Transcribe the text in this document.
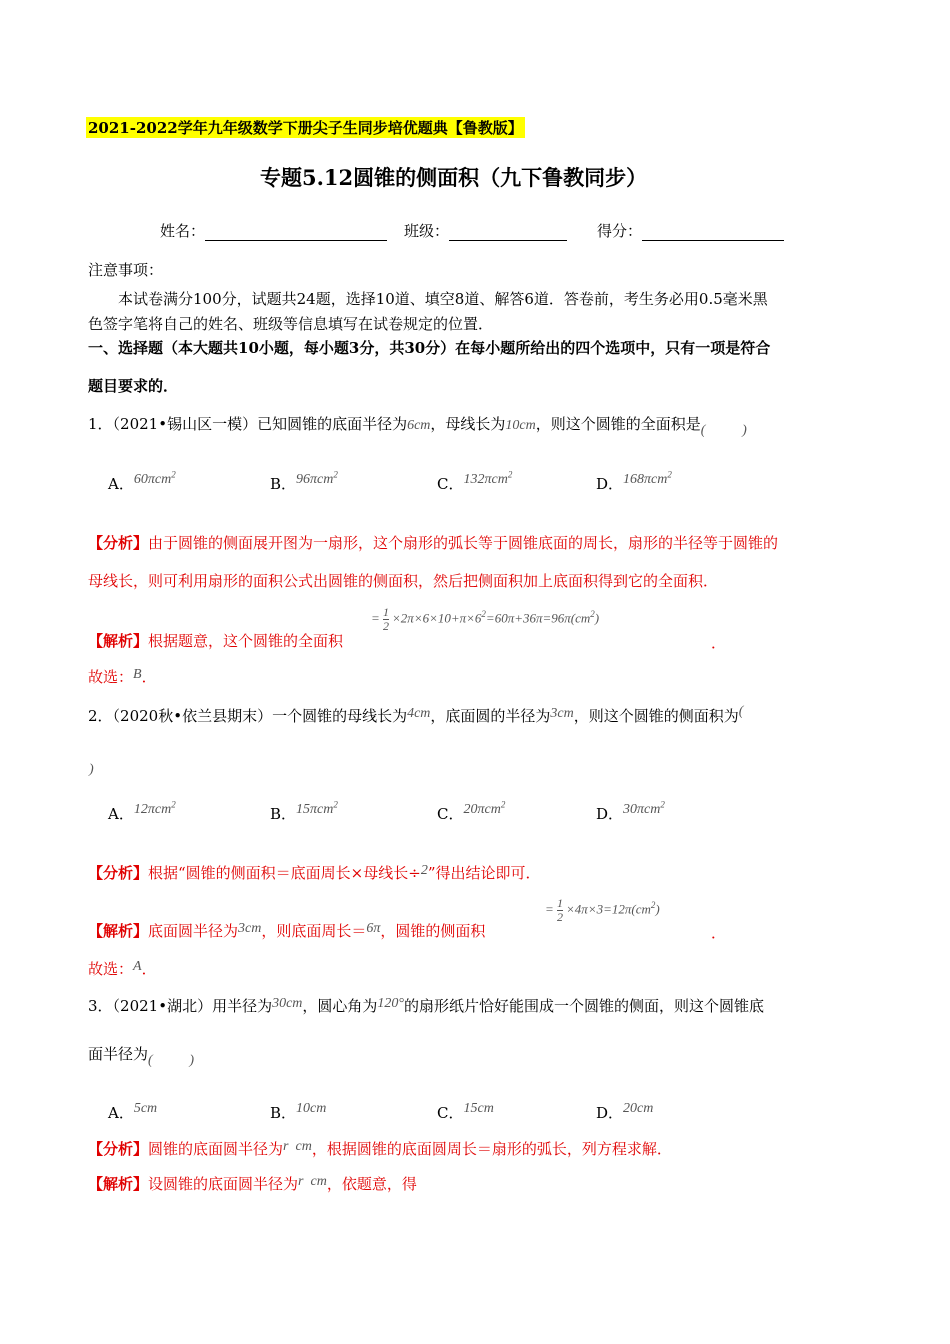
2021-2022学年九年级数学下册尖子生同步培优题典【鲁教版】
专题5.12圆锥的侧面积（九下鲁教同步）
姓名：	班级：	得分：
注意事项：
本试卷满分100分，试题共24题，选择10道、填空8道、解答6道．答卷前，考生务必用0.5毫米黑
色签字笔将自己的姓名、班级等信息填写在试卷规定的位置．
一、选择题（本大题共10小题，每小题3分，共30分）在每小题所给出的四个选项中，只有一项是符合
题目要求的．
1．（2021•锡山区一模）已知圆锥的底面半径为6cm，母线长为10cm，则这个圆锥的全面积是 (	)
A．60πcm$^2$
B．96πcm$^2$
C．132πcm$^2$
D．168πcm$^2$
【分析】由于圆锥的侧面展开图为一扇形，这个扇形的弧长等于圆锥底面的周长，扇形的半径等于圆锥的
母线长，则可利用扇形的面积公式出圆锥的侧面积，然后把侧面积加上底面积得到它的全面积．
【解析】根据题意，这个圆锥的全面积
= $\frac{1}{2} \times 2\pi\times 6\times 10+\pi\times 6^2=60\pi+36\pi=96\pi(cm^2)$
．
故选：B．
2．（2020秋•依兰县期末）一个圆锥的母线长为4cm，底面圆的半径为3cm，则这个圆锥的侧面积为(
)
A．12πcm$^2$
B．15πcm$^2$
C．20πcm$^2$
D．30πcm$^2$
【分析】根据“圆锥的侧面积＝底面周长×母线长÷2”得出结论即可．
【解析】底面圆半径为3cm，则底面周长＝6π，圆锥的侧面积
= $\frac{1}{2} \times 4\pi\times 3=12\pi(cm^2)$
．
故选：A．
3．（2021•湖北）用半径为30cm，圆心角为120°的扇形纸片恰好能围成一个圆锥的侧面，则这个圆锥底
面半径为 (	)
A．5cm	B．10cm	C．15cm	D．20cm
【分析】圆锥的底面圆半径为r  cm，根据圆锥的底面圆周长＝扇形的弧长，列方程求解．
【解析】设圆锥的底面圆半径为r  cm，依题意，得
